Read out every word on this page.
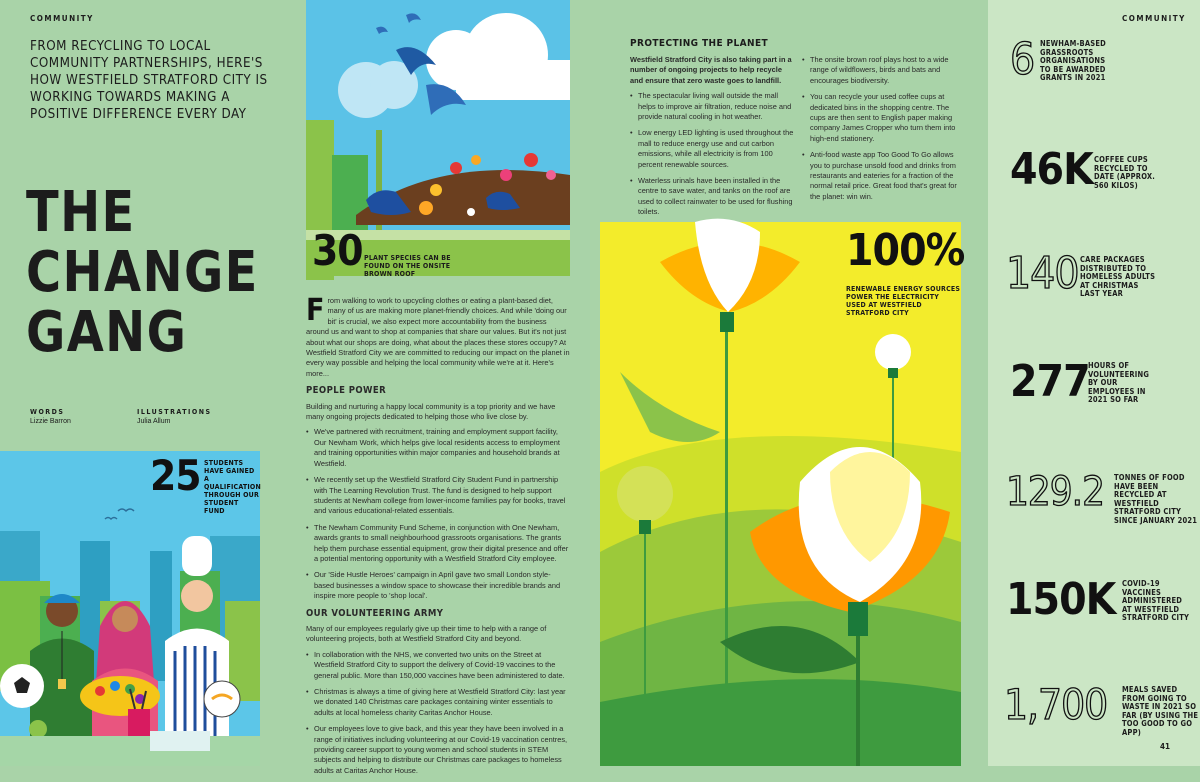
COMMUNITY
FROM RECYCLING TO LOCAL COMMUNITY PARTNERSHIPS, HERE'S HOW WESTFIELD STRATFORD CITY IS WORKING TOWARDS MAKING A POSITIVE DIFFERENCE EVERY DAY
THE
CHANGE
GANG
WORDS
Lizzie Barron
ILLUSTRATIONS
Julia Allum
25 STUDENTS HAVE GAINED A QUALIFICATION THROUGH OUR STUDENT FUND
30 PLANT SPECIES CAN BE FOUND ON THE ONSITE BROWN ROOF
From walking to work to upcycling clothes or eating a plant-based diet, many of us are making more planet-friendly choices. And while 'doing our bit' is crucial, we also expect more accountability from the business around us and want to shop at companies that share our values. But it's not just about what our shops are doing, what about the places these stores occupy? At Westfield Stratford City we are committed to reducing our impact on the planet in every way possible and helping the local community while we're at it. Here's more...
PEOPLE POWER

Building and nurturing a happy local community is a top priority and we have many ongoing projects dedicated to helping those who live close by.

• We've partnered with recruitment, training and employment support facility, Our Newham Work, which helps give local residents access to employment and training opportunities within major companies and household brands at Westfield.
• We recently set up the Westfield Stratford City Student Fund in partnership with The Learning Revolution Trust. The fund is designed to help support students at Newham college from lower-income families pay for books, travel and various educational-related essentials.
• The Newham Community Fund Scheme, in conjunction with One Newham, awards grants to small neighbourhood grassroots organisations. The grants help them purchase essential equipment, grow their digital presence and offer a potential mentoring opportunity with a Westfield Stratford City employee.
• Our 'Side Hustle Heroes' campaign in April gave two small London style-based businesses a window space to showcase their incredible brands and inspire more people to 'shop local'.
OUR VOLUNTEERING ARMY

Many of our employees regularly give up their time to help with a range of volunteering projects, both at Westfield Stratford City and beyond.

• In collaboration with the NHS, we converted two units on the Street at Westfield Stratford City to support the delivery of Covid-19 vaccines to the general public. More than 150,000 vaccines have been administered to date.
• Christmas is always a time of giving here at Westfield Stratford City: last year we donated 140 Christmas care packages containing winter essentials to adults at local homeless charity Caritas Anchor House.
• Our employees love to give back, and this year they have been involved in a range of initiatives including volunteering at our Covid-19 vaccination centres, providing career support to young women and school students in STEM subjects and helping to distribute our Christmas care packages to homeless adults at Caritas Anchor House.
PROTECTING THE PLANET

Westfield Stratford City is also taking part in a number of ongoing projects to help recycle and ensure that zero waste goes to landfill.

• The spectacular living wall outside the mall helps to improve air filtration, reduce noise and provide natural cooling in hot weather.
• Low energy LED lighting is used throughout the mall to reduce energy use and cut carbon emissions, while all electricity is from 100 percent renewable sources.
• Waterless urinals have been installed in the centre to save water, and tanks on the roof are used to collect rainwater to be used for flushing toilets.
• The onsite brown roof plays host to a wide range of wildflowers, birds and bats and encourages biodiversity.
• You can recycle your used coffee cups at dedicated bins in the shopping centre. The cups are then sent to English paper making company James Cropper who turn them into high-end stationery.
• Anti-food waste app Too Good To Go allows you to purchase unsold food and drinks from restaurants and eateries for a fraction of the normal retail price. Great food that's great for the planet: win win.
100%
RENEWABLE ENERGY SOURCES POWER THE ELECTRICITY USED AT WESTFIELD STRATFORD CITY
COMMUNITY
6 NEWHAM-BASED GRASSROOTS ORGANISATIONS TO BE AWARDED GRANTS IN 2021
46K COFFEE CUPS RECYCLED TO DATE (APPROX. 560 KILOS)
140 CARE PACKAGES DISTRIBUTED TO HOMELESS ADULTS AT CHRISTMAS LAST YEAR
277
HOURS OF VOLUNTEERING BY OUR EMPLOYEES IN 2021 SO FAR
129.2 TONNES OF FOOD HAVE BEEN RECYCLED AT WESTFIELD STRATFORD CITY SINCE JANUARY 2021
150K COVID-19 VACCINES ADMINISTERED AT WESTFIELD STRATFORD CITY
1,700 MEALS SAVED FROM GOING TO WASTE IN 2021 SO FAR (BY USING THE TOO GOOD TO GO APP)
41
